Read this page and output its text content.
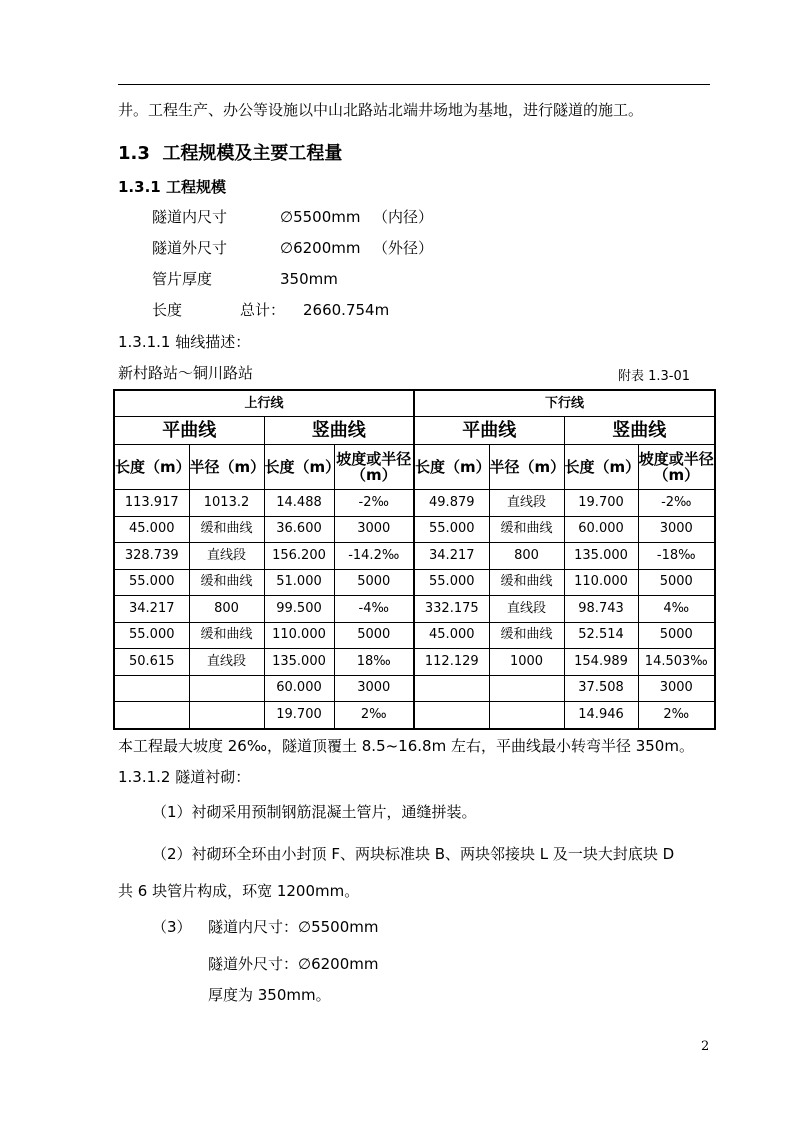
井。工程生产、办公等设施以中山北路站北端井场地为基地，进行隧道的施工。
1.3 工程规模及主要工程量
1.3.1 工程规模
隧道内尺寸	∅5500mm （内径）
隧道外尺寸	∅6200mm （外径）
管片厚度	350mm
长度	总计： 2660.754m
1.3.1.1 轴线描述：
新村路站～铜川路站	附表 1.3-01
上行线				下行线			
平曲线		竖曲线		平曲线		竖曲线	
长度（m）	半径（m）	长度（m）	坡度或半径（m）	长度（m）	半径（m）	长度（m）	坡度或半径（m）
113.917	1013.2	14.488	-2‰	49.879	直线段	19.700	-2‰
45.000	缓和曲线	36.600	3000	55.000	缓和曲线	60.000	3000
328.739	直线段	156.200	-14.2‰	34.217	800	135.000	-18‰
55.000	缓和曲线	51.000	5000	55.000	缓和曲线	110.000	5000
34.217	800	99.500	-4‰	332.175	直线段	98.743	4‰
55.000	缓和曲线	110.000	5000	45.000	缓和曲线	52.514	5000
50.615	直线段	135.000	18‰	112.129	1000	154.989	14.503‰
		60.000	3000			37.508	3000
		19.700	2‰			14.946	2‰
本工程最大坡度 26‰，隧道顶覆土 8.5~16.8m 左右，平曲线最小转弯半径 350m。
1.3.1.2 隧道衬砌：
（1）衬砌采用预制钢筋混凝土管片，通缝拼装。
（2）衬砌环全环由小封顶 F、两块标准块 B、两块邻接块 L 及一块大封底块 D
共 6 块管片构成，环宽 1200mm。
（3） 隧道内尺寸：∅5500mm
隧道外尺寸：∅6200mm
厚度为 350mm。
2
